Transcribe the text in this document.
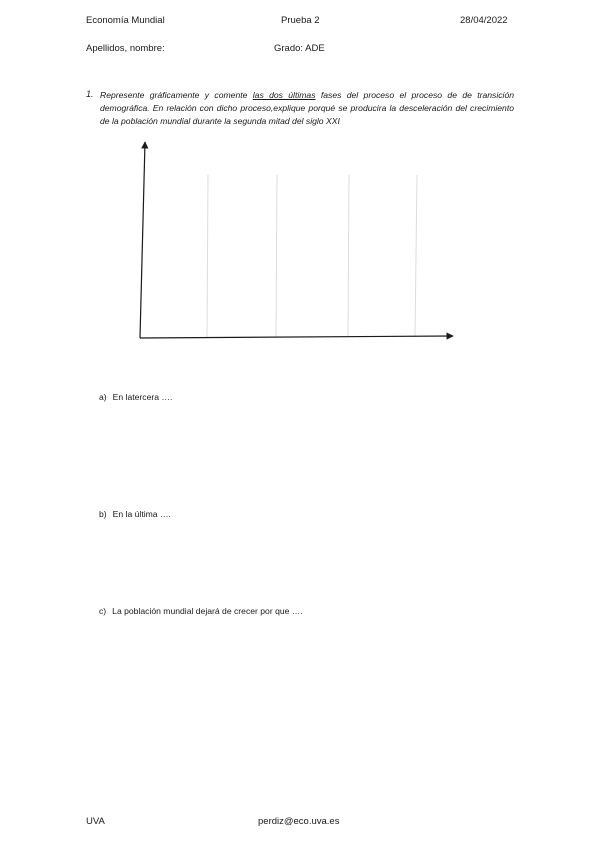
Economía Mundial	Prueba 2	28/04/2022
Apellidos, nombre:	Grado: ADE
1. Represente gráficamente y comente las dos últimas fases del proceso el proceso de de transición demográfica. En relación con dicho proceso,explique porqué se producira la desceleración del crecimiento de la población mundial durante la segunda mitad del siglo XXI
a) En latercera ….
b) En la última ….
c) La población mundial dejará de crecer por que ….
UVA	perdiz@eco.uva.es
